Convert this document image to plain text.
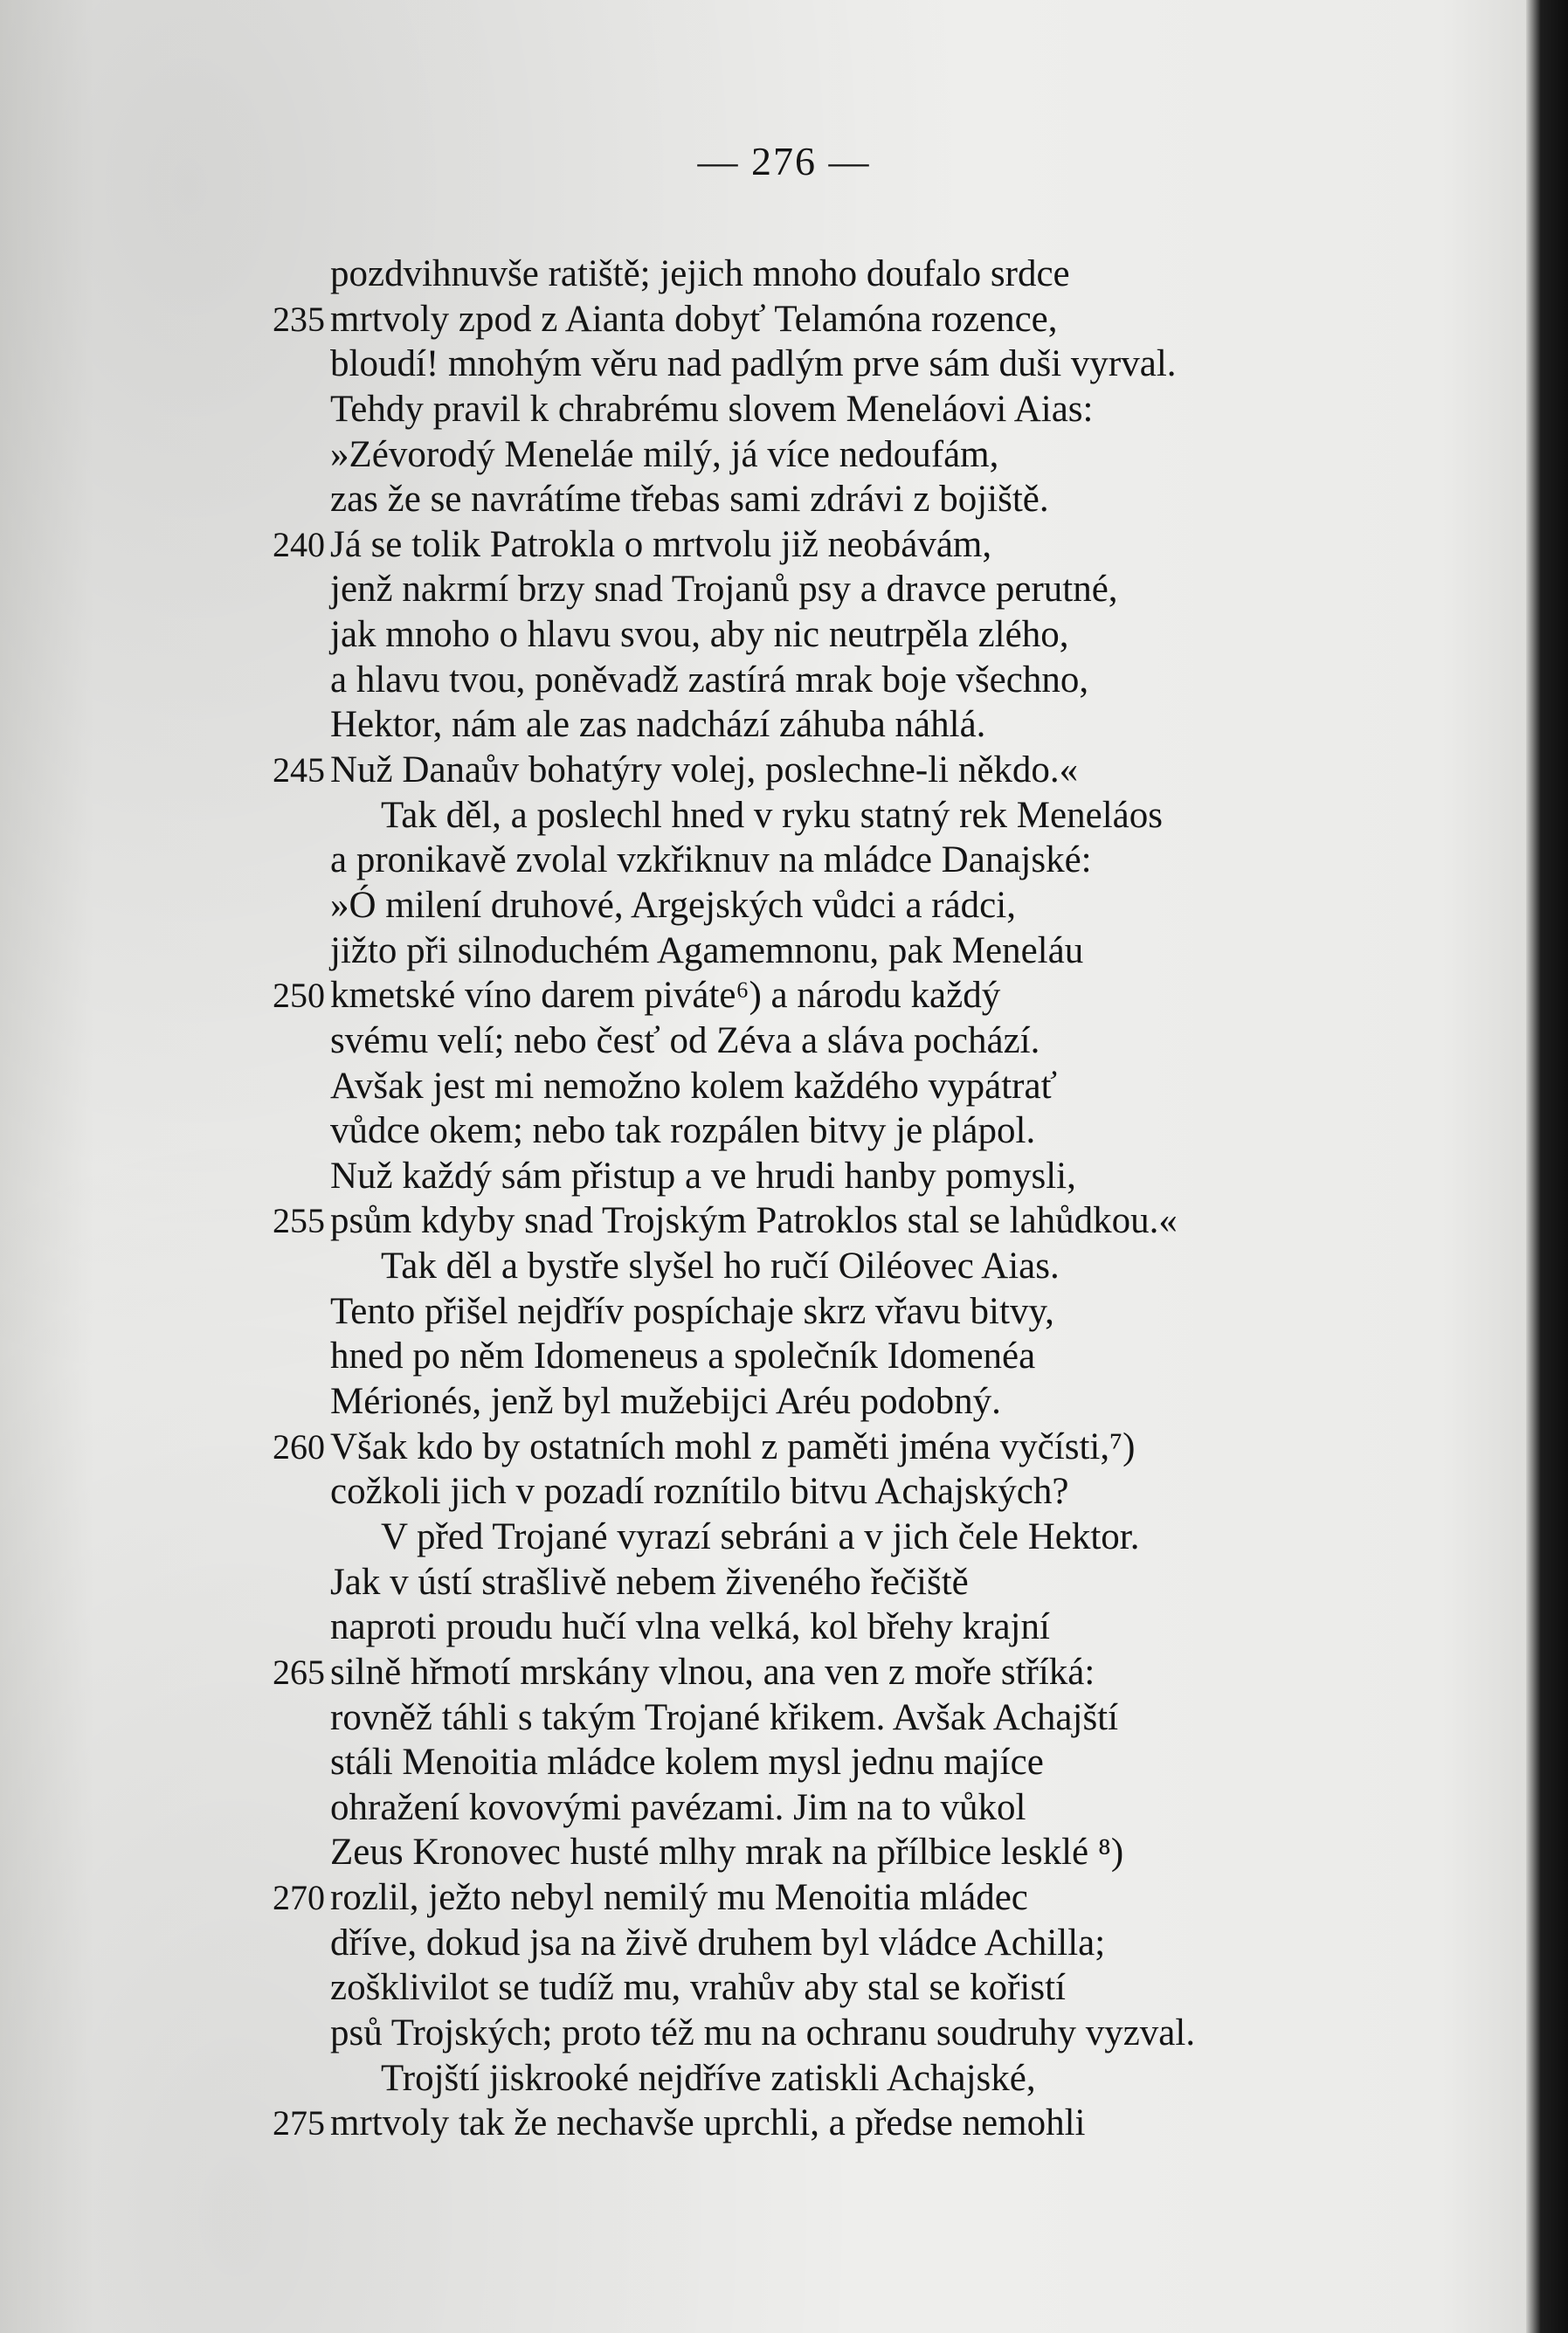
— 276 —
pozdvihnuvše ratiště; jejich mnoho doufalo srdce
235 mrtvoly zpod z Aianta dobyť Telamóna rozence,
bloudí! mnohým věru nad padlým prve sám duši vyrval.
Tehdy pravil k chrabrému slovem Meneláovi Aias:
»Zévorodý Meneláe milý, já více nedoufám,
zas že se navrátíme třebas sami zdrávi z bojiště.
240 Já se tolik Patrokla o mrtvolu již neobávám,
jenž nakrmí brzy snad Trojanů psy a dravce perutné,
jak mnoho o hlavu svou, aby nic neutrpěla zlého,
a hlavu tvou, poněvadž zastírá mrak boje všechno,
Hektor, nám ale zas nadchází záhuba náhlá.
245 Nuž Danaův bohatýry volej, poslechne-li někdo.«
Tak děl, a poslechl hned v ryku statný rek Meneláos
a pronikavě zvolal vzkřiknuv na mládce Danajské:
»Ó milení druhové, Argejských vůdci a rádci,
jižto při silnoduchém Agamemnonu, pak Meneláu
250 kmetské víno darem piváte⁶) a národu každý
svému velí; nebo česť od Zéva a sláva pochází.
Avšak jest mi nemožno kolem každého vypátrať
vůdce okem; nebo tak rozpálen bitvy je plápol.
Nuž každý sám přistup a ve hrudi hanby pomysli,
255 psům kdyby snad Trojským Patroklos stal se lahůdkou.«
Tak děl a bystře slyšel ho ručí Oiléovec Aias.
Tento přišel nejdřív pospíchaje skrz vřavu bitvy,
hned po něm Idomeneus a společník Idomenéa
Mérionés, jenž byl mužebijci Aréu podobný.
260 Však kdo by ostatních mohl z paměti jména vyčísti,⁷)
cožkoli jich v pozadí roznítilo bitvu Achajských?
V před Trojané vyrazí sebráni a v jich čele Hektor.
Jak v ústí strašlivě nebem živeného řečiště
naproti proudu hučí vlna velká, kol břehy krajní
265 silně hřmotí mrskány vlnou, ana ven z moře stříká:
rovněž táhli s takým Trojané křikem. Avšak Achajští
stáli Menoitia mládce kolem mysl jednu majíce
ohražení kovovými pavézami. Jim na to vůkol
Zeus Kronovec husté mlhy mrak na přílbice lesklé ⁸)
270 rozlil, ježto nebyl nemilý mu Menoitia mládec
dříve, dokud jsa na živě druhem byl vládce Achilla;
zošklivilot se tudíž mu, vrahův aby stal se kořistí
psů Trojských; proto též mu na ochranu soudruhy vyzval.
Trojští jiskrooké nejdříve zatiskli Achajské,
275 mrtvoly tak že nechavše uprchli, a předse nemohli
